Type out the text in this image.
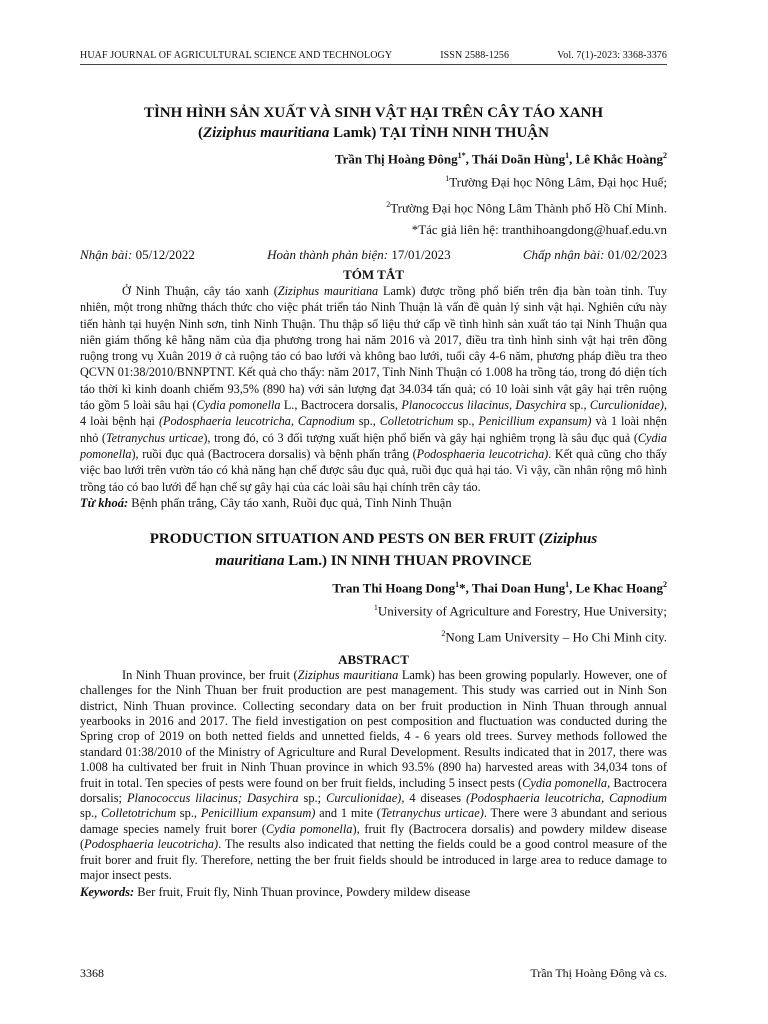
HUAF JOURNAL OF AGRICULTURAL SCIENCE AND TECHNOLOGY	ISSN 2588-1256	Vol. 7(1)-2023: 3368-3376
TÌNH HÌNH SẢN XUẤT VÀ SINH VẬT HẠI TRÊN CÂY TÁO XANH
(Ziziphus mauritiana Lamk) TẠI TỈNH NINH THUẬN
Trần Thị Hoàng Đông$^{1*}$, Thái Doãn Hùng$^1$, Lê Khắc Hoàng$^2$
$^1$Trường Đại học Nông Lâm, Đại học Huế;
$^2$Trường Đại học Nông Lâm Thành phố Hồ Chí Minh.
*Tác giả liên hệ: tranthihoangdong@huaf.edu.vn
Nhận bài: 05/12/2022	Hoàn thành phản biện: 17/01/2023	Chấp nhận bài: 01/02/2023
TÓM TẮT

Ở Ninh Thuận, cây táo xanh (Ziziphus mauritiana Lamk) được trồng phổ biến trên địa bàn toàn tỉnh. Tuy nhiên, một trong những thách thức cho việc phát triển táo Ninh Thuận là vấn đề quản lý sinh vật hại. Nghiên cứu này tiến hành tại huyện Ninh sơn, tỉnh Ninh Thuận. Thu thập số liệu thứ cấp về tình hình sản xuất táo tại Ninh Thuận qua niên giám thống kê hằng năm của địa phương trong hai năm 2016 và 2017, điều tra tình hình sinh vật hại trên đồng ruộng trong vụ Xuân 2019 ở cả ruộng táo có bao lưới và không bao lưới, tuổi cây 4-6 năm, phương pháp điều tra theo QCVN 01:38/2010/BNNPTNT. Kết quả cho thấy: năm 2017, Tỉnh Ninh Thuận có 1.008 ha trồng táo, trong đó diện tích táo thời kì kinh doanh chiếm 93,5% (890 ha) với sản lượng đạt 34.034 tấn quả; có 10 loài sinh vật gây hại trên ruộng táo gồm 5 loài sâu hại (Cydia pomonella L., Bactrocera dorsalis, Planococcus lilacinus, Dasychira sp., Curculionidae), 4 loài bệnh hại (Podosphaeria leucotricha, Capnodium sp., Colletotrichum sp., Penicillium expansum) và 1 loài nhện nhỏ (Tetranychus urticae), trong đó, có 3 đối tượng xuất hiện phổ biến và gây hại nghiêm trọng là sâu đục quả (Cydia pomonella), ruồi đục quả (Bactrocera dorsalis) và bệnh phấn trắng (Podosphaeria leucotricha). Kết quả cũng cho thấy việc bao lưới trên vườn táo có khả năng hạn chế được sâu đục quả, ruồi đục quả hại táo. Vì vậy, cần nhân rộng mô hình trồng táo có bao lưới để hạn chế sự gây hại của các loài sâu hại chính trên cây táo.

Từ khoá: Bệnh phấn trắng, Cây táo xanh, Ruồi đục quả, Tỉnh Ninh Thuận
PRODUCTION SITUATION AND PESTS ON BER FRUIT (Ziziphus
mauritiana Lam.) IN NINH THUAN PROVINCE
Tran Thi Hoang Dong$^1$*, Thai Doan Hung$^1$, Le Khac Hoang$^2$
$^1$University of Agriculture and Forestry, Hue University;
$^2$Nong Lam University – Ho Chi Minh city.
ABSTRACT

In Ninh Thuan province, ber fruit (Ziziphus mauritiana Lamk) has been growing popularly. However, one of challenges for the Ninh Thuan ber fruit production are pest management. This study was carried out in Ninh Son district, Ninh Thuan province. Collecting secondary data on ber fruit production in Ninh Thuan through annual yearbooks in 2016 and 2017. The field investigation on pest composition and fluctuation was conducted during the Spring crop of 2019 on both netted fields and unnetted fields, 4 - 6 years old trees. Survey methods followed the standard 01:38/2010 of the Ministry of Agriculture and Rural Development. Results indicated that in 2017, there was 1.008 ha cultivated ber fruit in Ninh Thuan province in which 93.5% (890 ha) harvested areas with 34,034 tons of fruit in total. Ten species of pests were found on ber fruit fields, including 5 insect pests (Cydia pomonella, Bactrocera dorsalis; Planococcus lilacinus; Dasychira sp.; Curculionidae), 4 diseases (Podosphaeria leucotricha, Capnodium sp., Colletotrichum sp., Penicillium expansum) and 1 mite (Tetranychus urticae). There were 3 abundant and serious damage species namely fruit borer (Cydia pomonella), fruit fly (Bactrocera dorsalis) and powdery mildew disease (Podosphaeria leucotricha). The results also indicated that netting the fields could be a good control measure of the fruit borer and fruit fly. Therefore, netting the ber fruit fields should be introduced in large area to reduce damage to major insect pests.

Keywords: Ber fruit, Fruit fly, Ninh Thuan province, Powdery mildew disease
3368	Trần Thị Hoàng Đông và cs.
